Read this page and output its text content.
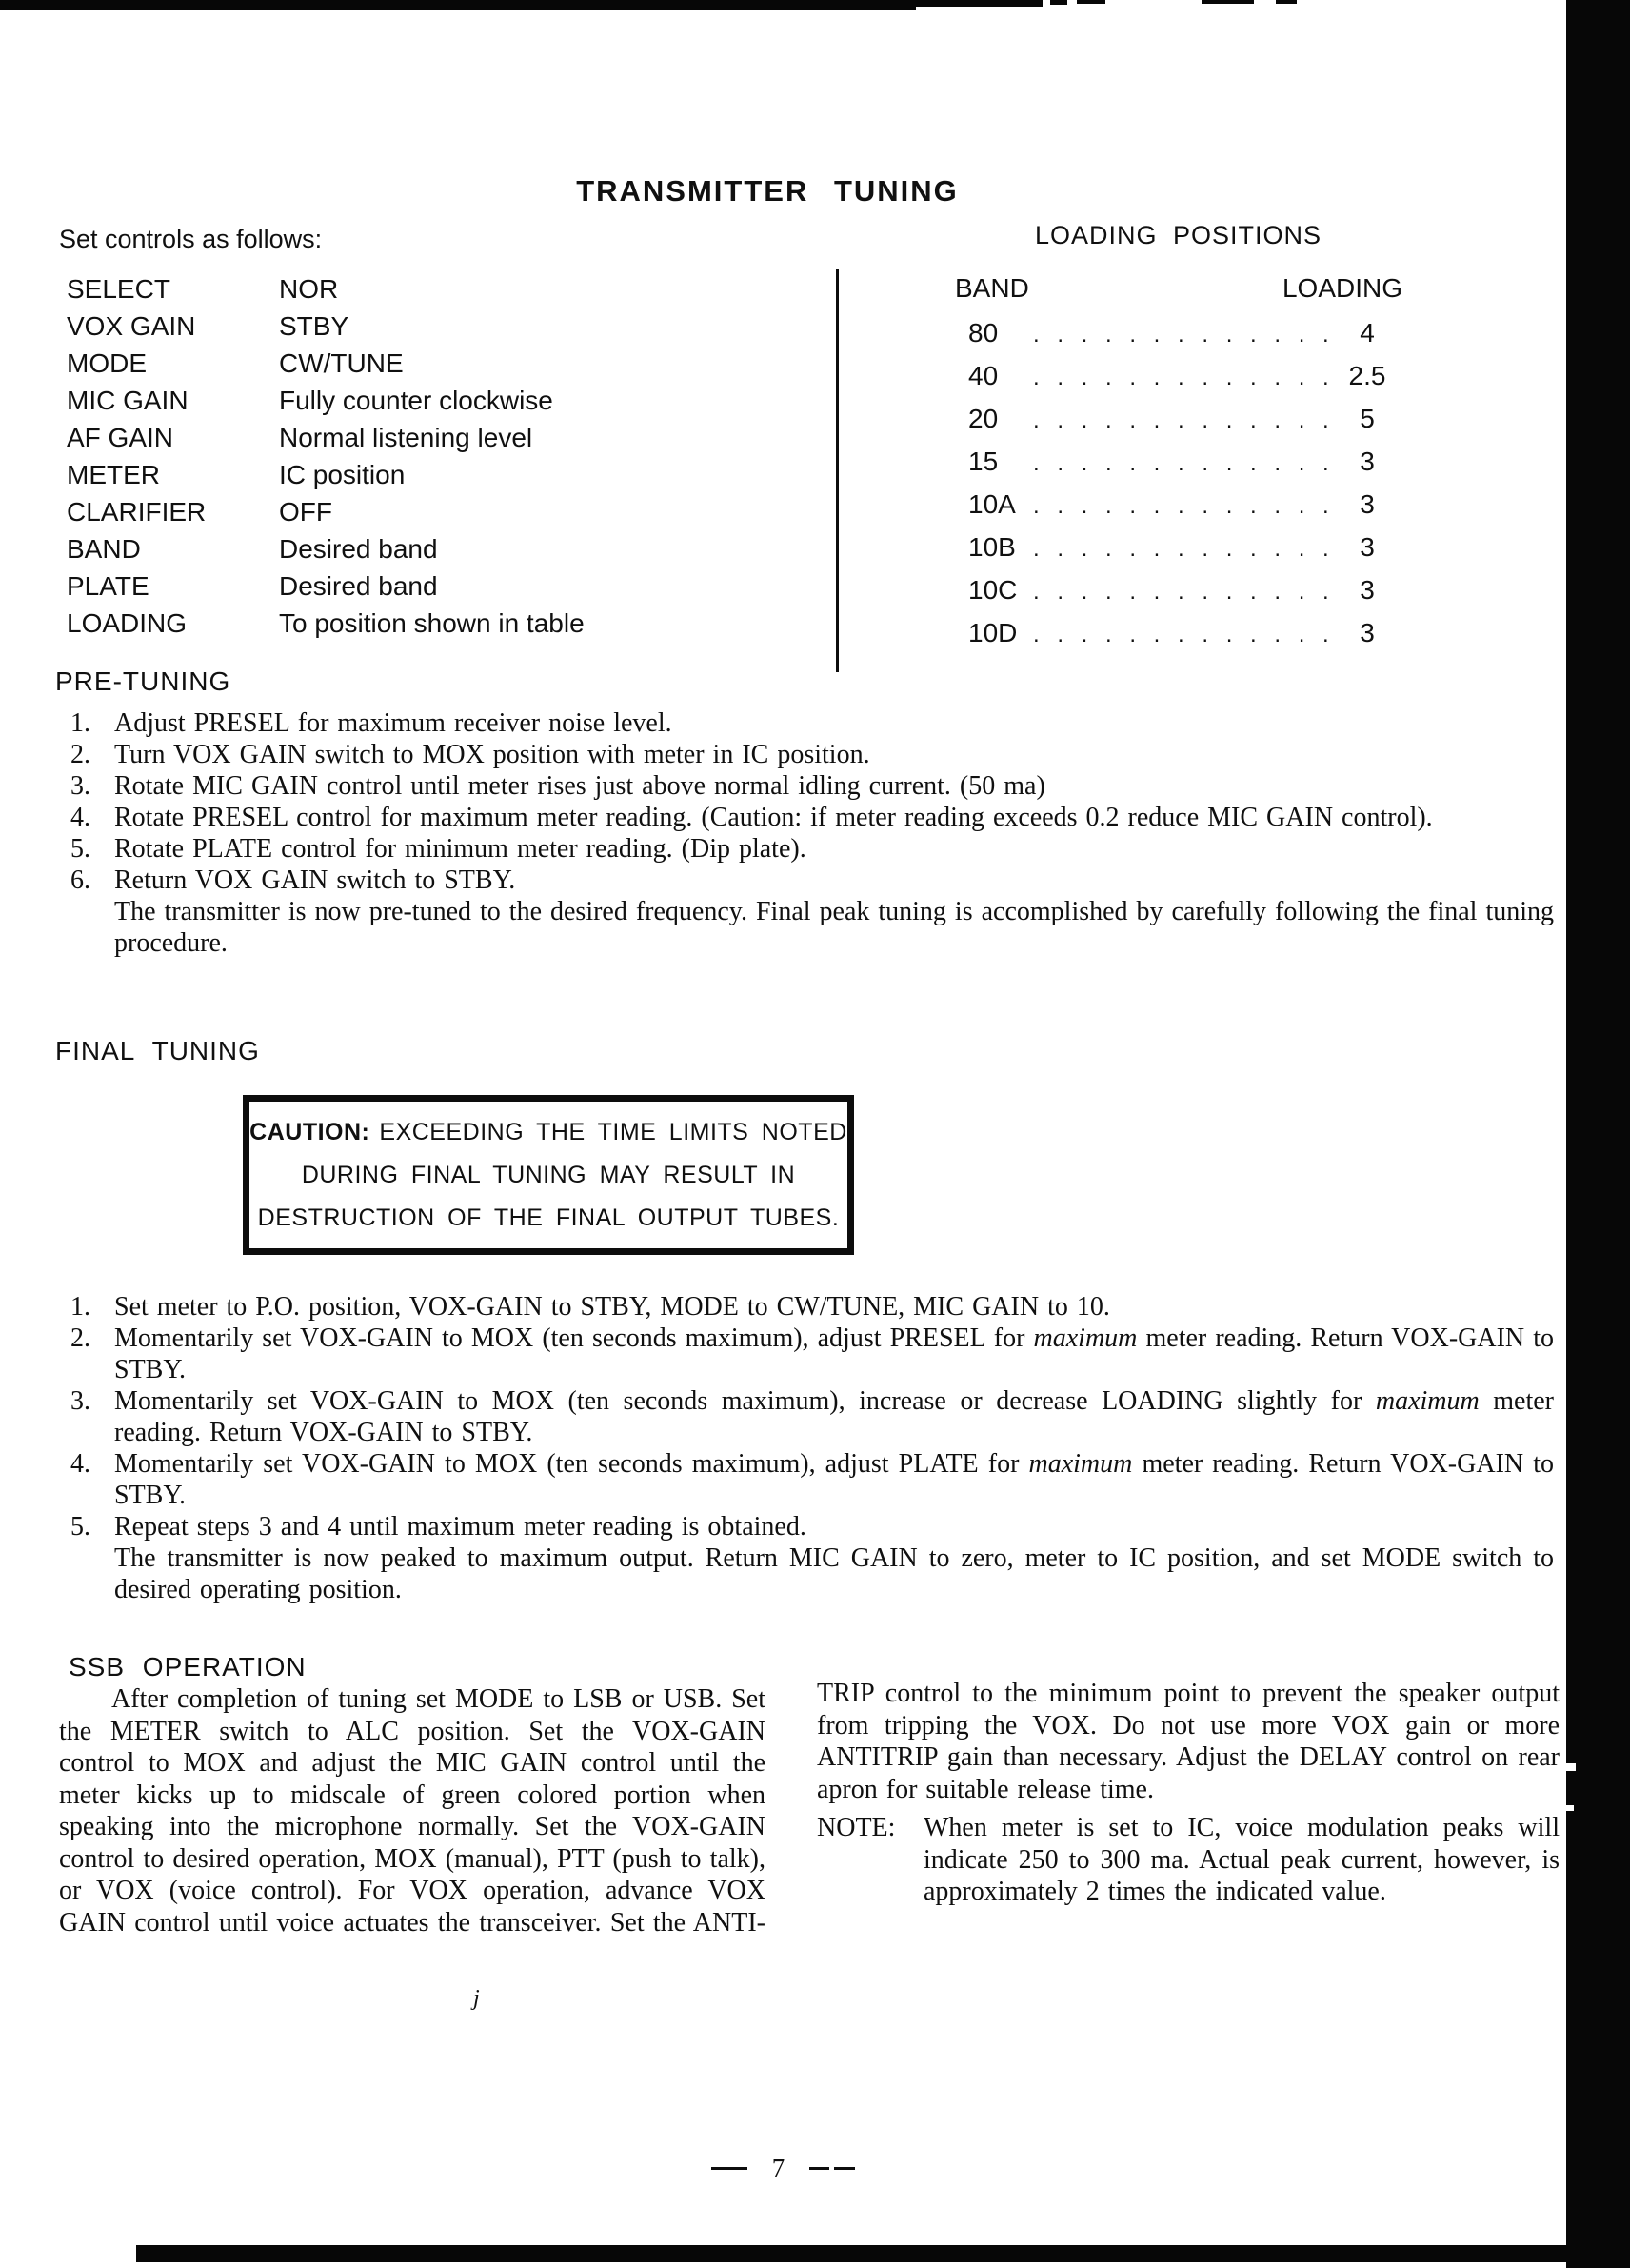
TRANSMITTER TUNING
Set controls as follows:
SELECT	NOR
VOX GAIN	STBY
MODE	CW/TUNE
MIC GAIN	Fully counter clockwise
AF GAIN	Normal listening level
METER	IC position
CLARIFIER	OFF
BAND	Desired band
PLATE	Desired band
LOADING	To position shown in table
LOADING POSITIONS
BAND	LOADING
80 . . .	4
40 . . .	2.5
20 . . .	5
15 . . .	3
10A . . .	3
10B . . .	3
10C . . .	3
10D . . .	3
PRE-TUNING
1. Adjust PRESEL for maximum receiver noise level.
2. Turn VOX GAIN switch to MOX position with meter in IC position.
3. Rotate MIC GAIN control until meter rises just above normal idling current. (50 ma)
4. Rotate PRESEL control for maximum meter reading. (Caution: if meter reading exceeds 0.2 reduce MIC GAIN control).
5. Rotate PLATE control for minimum meter reading. (Dip plate).
6. Return VOX GAIN switch to STBY.
The transmitter is now pre-tuned to the desired frequency. Final peak tuning is accomplished by carefully following the final tuning procedure.
FINAL TUNING
CAUTION: EXCEEDING THE TIME LIMITS NOTED
DURING FINAL TUNING MAY RESULT IN
DESTRUCTION OF THE FINAL OUTPUT TUBES.
1. Set meter to P.O. position, VOX-GAIN to STBY, MODE to CW/TUNE, MIC GAIN to 10.
2. Momentarily set VOX-GAIN to MOX (ten seconds maximum), adjust PRESEL for maximum meter reading. Return VOX-GAIN to STBY.
3. Momentarily set VOX-GAIN to MOX (ten seconds maximum), increase or decrease LOADING slightly for maximum meter reading. Return VOX-GAIN to STBY.
4. Momentarily set VOX-GAIN to MOX (ten seconds maximum), adjust PLATE for maximum meter reading. Return VOX-GAIN to STBY.
5. Repeat steps 3 and 4 until maximum meter reading is obtained.
The transmitter is now peaked to maximum output. Return MIC GAIN to zero, meter to IC position, and set MODE switch to desired operating position.
SSB OPERATION
After completion of tuning set MODE to LSB or USB. Set the METER switch to ALC position. Set the VOX-GAIN control to MOX and adjust the MIC GAIN control until the meter kicks up to midscale of green colored portion when speaking into the microphone normally. Set the VOX-GAIN control to desired operation, MOX (manual), PTT (push to talk), or VOX (voice control). For VOX operation, advance VOX GAIN control until voice actuates the transceiver. Set the ANTI-
TRIP control to the minimum point to prevent the speaker output from tripping the VOX. Do not use more VOX gain or more ANTITRIP gain than necessary. Adjust the DELAY control on rear apron for suitable release time.
NOTE: When meter is set to IC, voice modulation peaks will indicate 250 to 300 ma. Actual peak current, however, is approximately 2 times the indicated value.
j
7
